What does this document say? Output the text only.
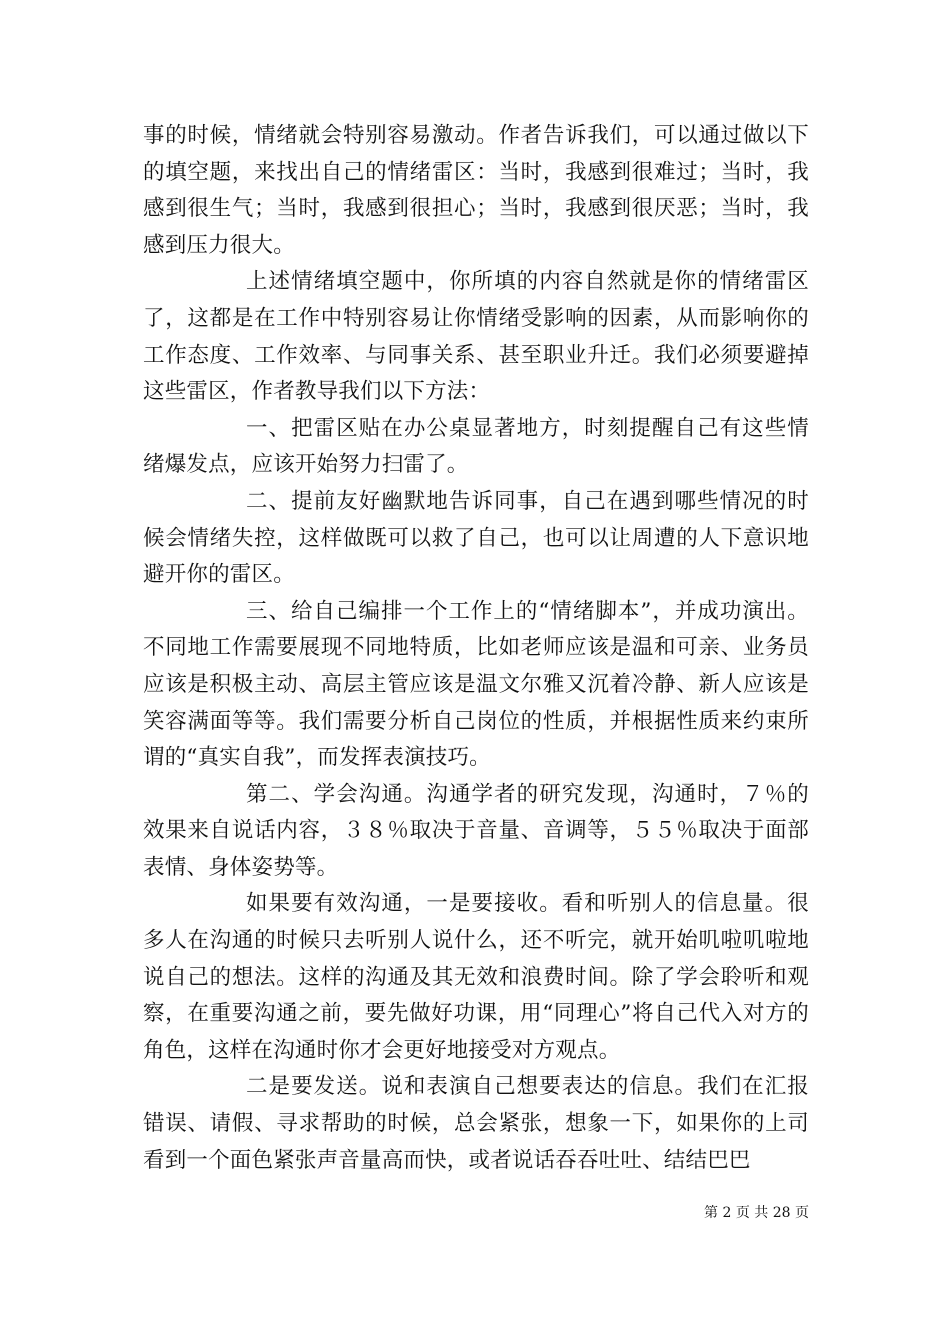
事的时候，情绪就会特别容易激动。作者告诉我们，可以通过做以下的填空题，来找出自己的情绪雷区：当时，我感到很难过；当时，我感到很生气；当时，我感到很担心；当时，我感到很厌恶；当时，我感到压力很大。

上述情绪填空题中，你所填的内容自然就是你的情绪雷区了，这都是在工作中特别容易让你情绪受影响的因素，从而影响你的工作态度、工作效率、与同事关系、甚至职业升迁。我们必须要避掉这些雷区，作者教导我们以下方法：

一、把雷区贴在办公桌显著地方，时刻提醒自己有这些情绪爆发点，应该开始努力扫雷了。

二、提前友好幽默地告诉同事，自己在遇到哪些情况的时候会情绪失控，这样做既可以救了自己，也可以让周遭的人下意识地避开你的雷区。

三、给自己编排一个工作上的“情绪脚本”，并成功演出。不同地工作需要展现不同地特质，比如老师应该是温和可亲、业务员应该是积极主动、高层主管应该是温文尔雅又沉着冷静、新人应该是笑容满面等等。我们需要分析自己岗位的性质，并根据性质来约束所谓的“真实自我”，而发挥表演技巧。

第二、学会沟通。沟通学者的研究发现，沟通时，７％的效果来自说话内容，３８％取决于音量、音调等，５５％取决于面部表情、身体姿势等。

如果要有效沟通，一是要接收。看和听别人的信息量。很多人在沟通的时候只去听别人说什么，还不听完，就开始叽啦叽啦地说自己的想法。这样的沟通及其无效和浪费时间。除了学会聆听和观察，在重要沟通之前，要先做好功课，用“同理心”将自己代入对方的角色，这样在沟通时你才会更好地接受对方观点。

二是要发送。说和表演自己想要表达的信息。我们在汇报错误、请假、寻求帮助的时候，总会紧张，想象一下，如果你的上司看到一个面色紧张声音量高而快，或者说话吞吞吐吐、结结巴巴

第 2 页 共 28 页
